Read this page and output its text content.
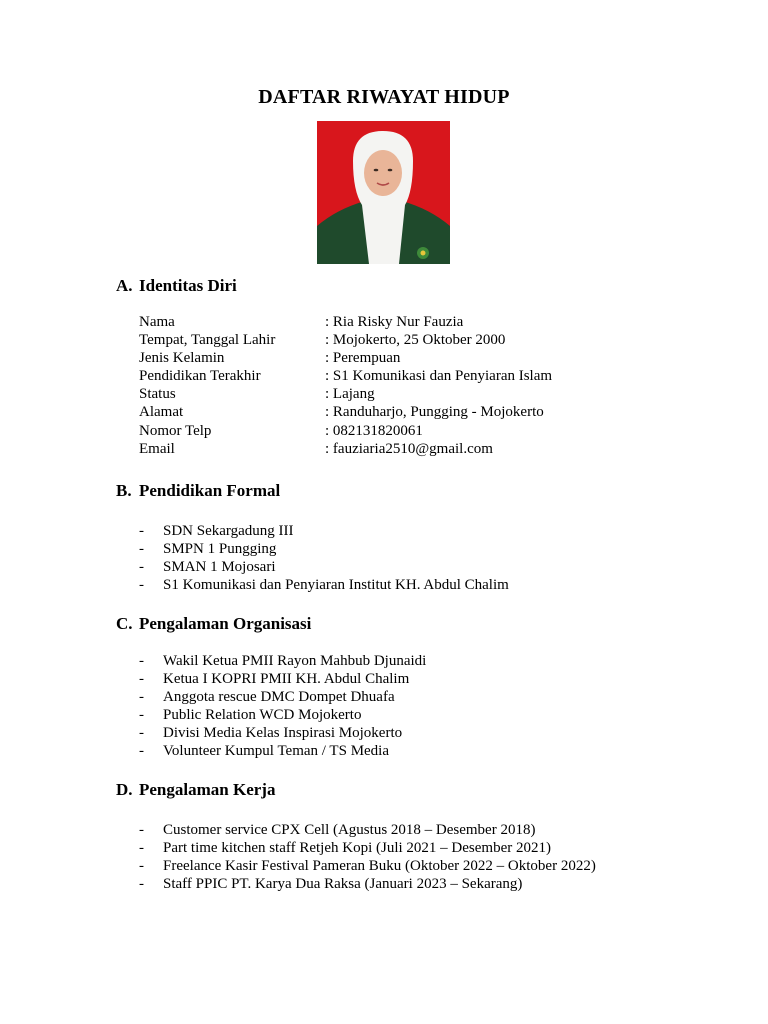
DAFTAR RIWAYAT HIDUP
A. Identitas Diri
Nama	: Ria Risky Nur Fauzia
Tempat, Tanggal Lahir	: Mojokerto, 25 Oktober 2000
Jenis Kelamin	: Perempuan
Pendidikan Terakhir	: S1 Komunikasi dan Penyiaran Islam
Status	: Lajang
Alamat	: Randuharjo, Pungging - Mojokerto
Nomor Telp	: 082131820061
Email	: fauziaria2510@gmail.com
B. Pendidikan Formal
- SDN Sekargadung III
- SMPN 1 Pungging
- SMAN 1 Mojosari
- S1 Komunikasi dan Penyiaran Institut KH. Abdul Chalim
C. Pengalaman Organisasi
- Wakil Ketua PMII Rayon Mahbub Djunaidi
- Ketua I KOPRI PMII KH. Abdul Chalim
- Anggota rescue DMC Dompet Dhuafa
- Public Relation WCD Mojokerto
- Divisi Media Kelas Inspirasi Mojokerto
- Volunteer Kumpul Teman / TS Media
D. Pengalaman Kerja
- Customer service CPX Cell (Agustus 2018 – Desember 2018)
- Part time kitchen staff Retjeh Kopi (Juli 2021 – Desember 2021)
- Freelance Kasir Festival Pameran Buku (Oktober 2022 – Oktober 2022)
- Staff PPIC PT. Karya Dua Raksa (Januari 2023 – Sekarang)
